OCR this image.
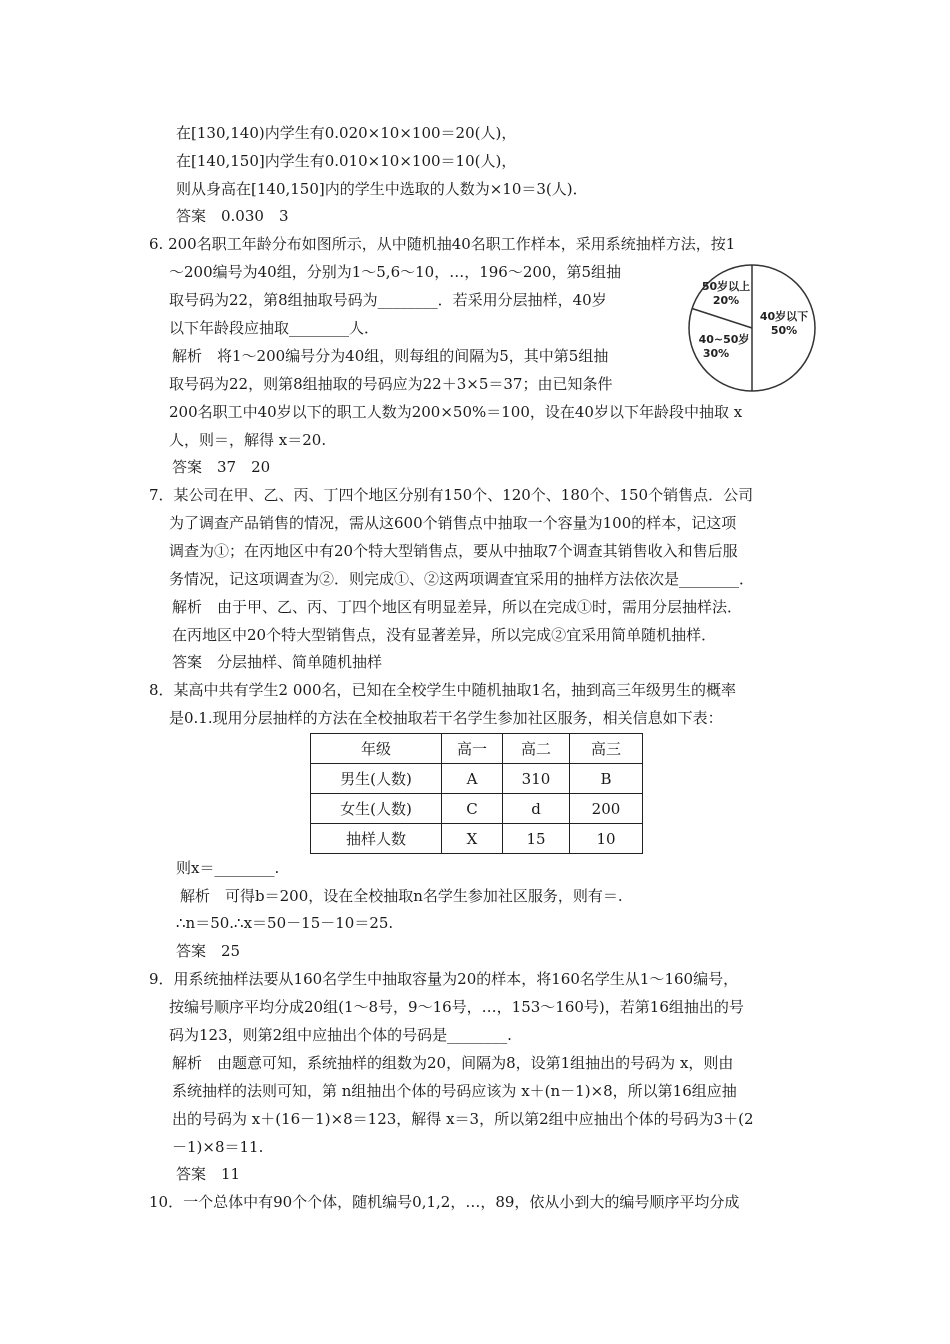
在[130,140)内学生有0.020×10×100＝20(人)，
在[140,150]内学生有0.010×10×100＝10(人)，
则从身高在[140,150]内的学生中选取的人数为×10＝3(人)．
答案　0.030　3
6. 200名职工年龄分布如图所示，从中随机抽40名职工作样本，采用系统抽样方法，按1
～200编号为40组，分别为1～5,6～10，…，196～200，第5组抽
取号码为22，第8组抽取号码为________．若采用分层抽样，40岁
以下年龄段应抽取________人．
解析　将1～200编号分为40组，则每组的间隔为5，其中第5组抽
取号码为22，则第8组抽取的号码应为22＋3×5＝37；由已知条件
200名职工中40岁以下的职工人数为200×50%＝100，设在40岁以下年龄段中抽取 x
人，则＝，解得 x＝20.
答案　37　20
7．某公司在甲、乙、丙、丁四个地区分别有150个、120个、180个、150个销售点．公司
为了调查产品销售的情况，需从这600个销售点中抽取一个容量为100的样本，记这项
调查为①；在丙地区中有20个特大型销售点，要从中抽取7个调查其销售收入和售后服
务情况，记这项调查为②．则完成①、②这两项调查宜采用的抽样方法依次是________．
解析　由于甲、乙、丙、丁四个地区有明显差异，所以在完成①时，需用分层抽样法．
在丙地区中20个特大型销售点，没有显著差异，所以完成②宜采用简单随机抽样．
答案　分层抽样、简单随机抽样
8．某高中共有学生2 000名，已知在全校学生中随机抽取1名，抽到高三年级男生的概率
是0.1.现用分层抽样的方法在全校抽取若干名学生参加社区服务，相关信息如下表：
年级	高一	高二	高三
男生(人数)	A	310	B
女生(人数)	C	d	200
抽样人数	X	15	10
则x＝________.
解析　可得b＝200，设在全校抽取n名学生参加社区服务，则有＝.
∴n＝50.∴x＝50－15－10＝25.
答案　25
9．用系统抽样法要从160名学生中抽取容量为20的样本，将160名学生从1～160编号，
按编号顺序平均分成20组(1～8号，9～16号，…，153～160号)，若第16组抽出的号
码为123，则第2组中应抽出个体的号码是________.
解析　由题意可知，系统抽样的组数为20，间隔为8，设第1组抽出的号码为 x，则由
系统抽样的法则可知，第 n组抽出个体的号码应该为 x＋(n－1)×8，所以第16组应抽
出的号码为 x＋(16－1)×8＝123，解得 x＝3，所以第2组中应抽出个体的号码为3＋(2
－1)×8＝11.
答案　11
10．一个总体中有90个个体，随机编号0,1,2，…，89，依从小到大的编号顺序平均分成
40岁以下
50%
40~50岁
30%
50岁以上
20%
